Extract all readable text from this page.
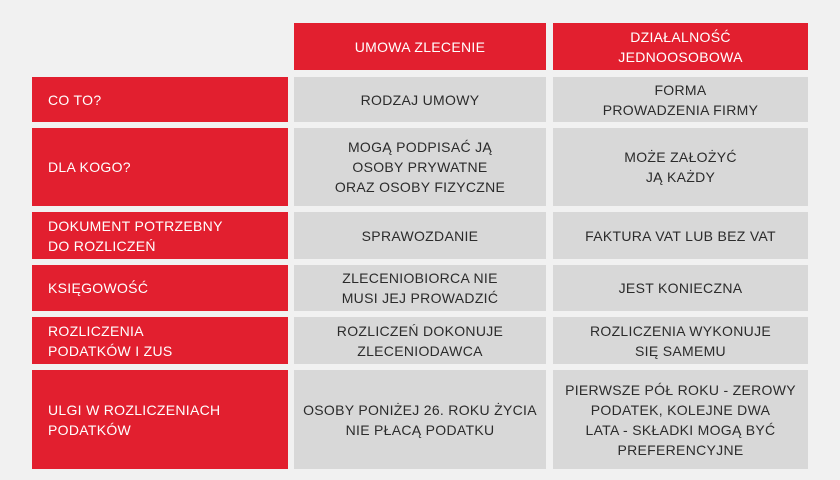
UMOWA ZLECENIE
DZIAŁALNOŚĆ
JEDNOOSOBOWA
CO TO?	RODZAJ UMOWY
FORMA
PROWADZENIA FIRMY
DLA KOGO?
MOGĄ PODPISAĆ JĄ
OSOBY PRYWATNE
ORAZ OSOBY FIZYCZNE
MOŻE ZAŁOŻYĆ
JĄ KAŻDY
DOKUMENT POTRZEBNY
DO ROZLICZEŃ
SPRAWOZDANIE	FAKTURA VAT LUB BEZ VAT
KSIĘGOWOŚĆ
ZLECENIOBIORCA NIE
MUSI JEJ PROWADZIĆ
JEST KONIECZNA
ROZLICZENIA
PODATKÓW I ZUS
ROZLICZEŃ DOKONUJE
ZLECENIODAWCA
ROZLICZENIA WYKONUJE
SIĘ SAMEMU
ULGI W ROZLICZENIACH
PODATKÓW
OSOBY PONIŻEJ 26. ROKU ŻYCIA
NIE PŁACĄ PODATKU
PIERWSZE PÓŁ ROKU - ZEROWY
PODATEK, KOLEJNE DWA
LATA - SKŁADKI MOGĄ BYĆ
PREFERENCYJNE
